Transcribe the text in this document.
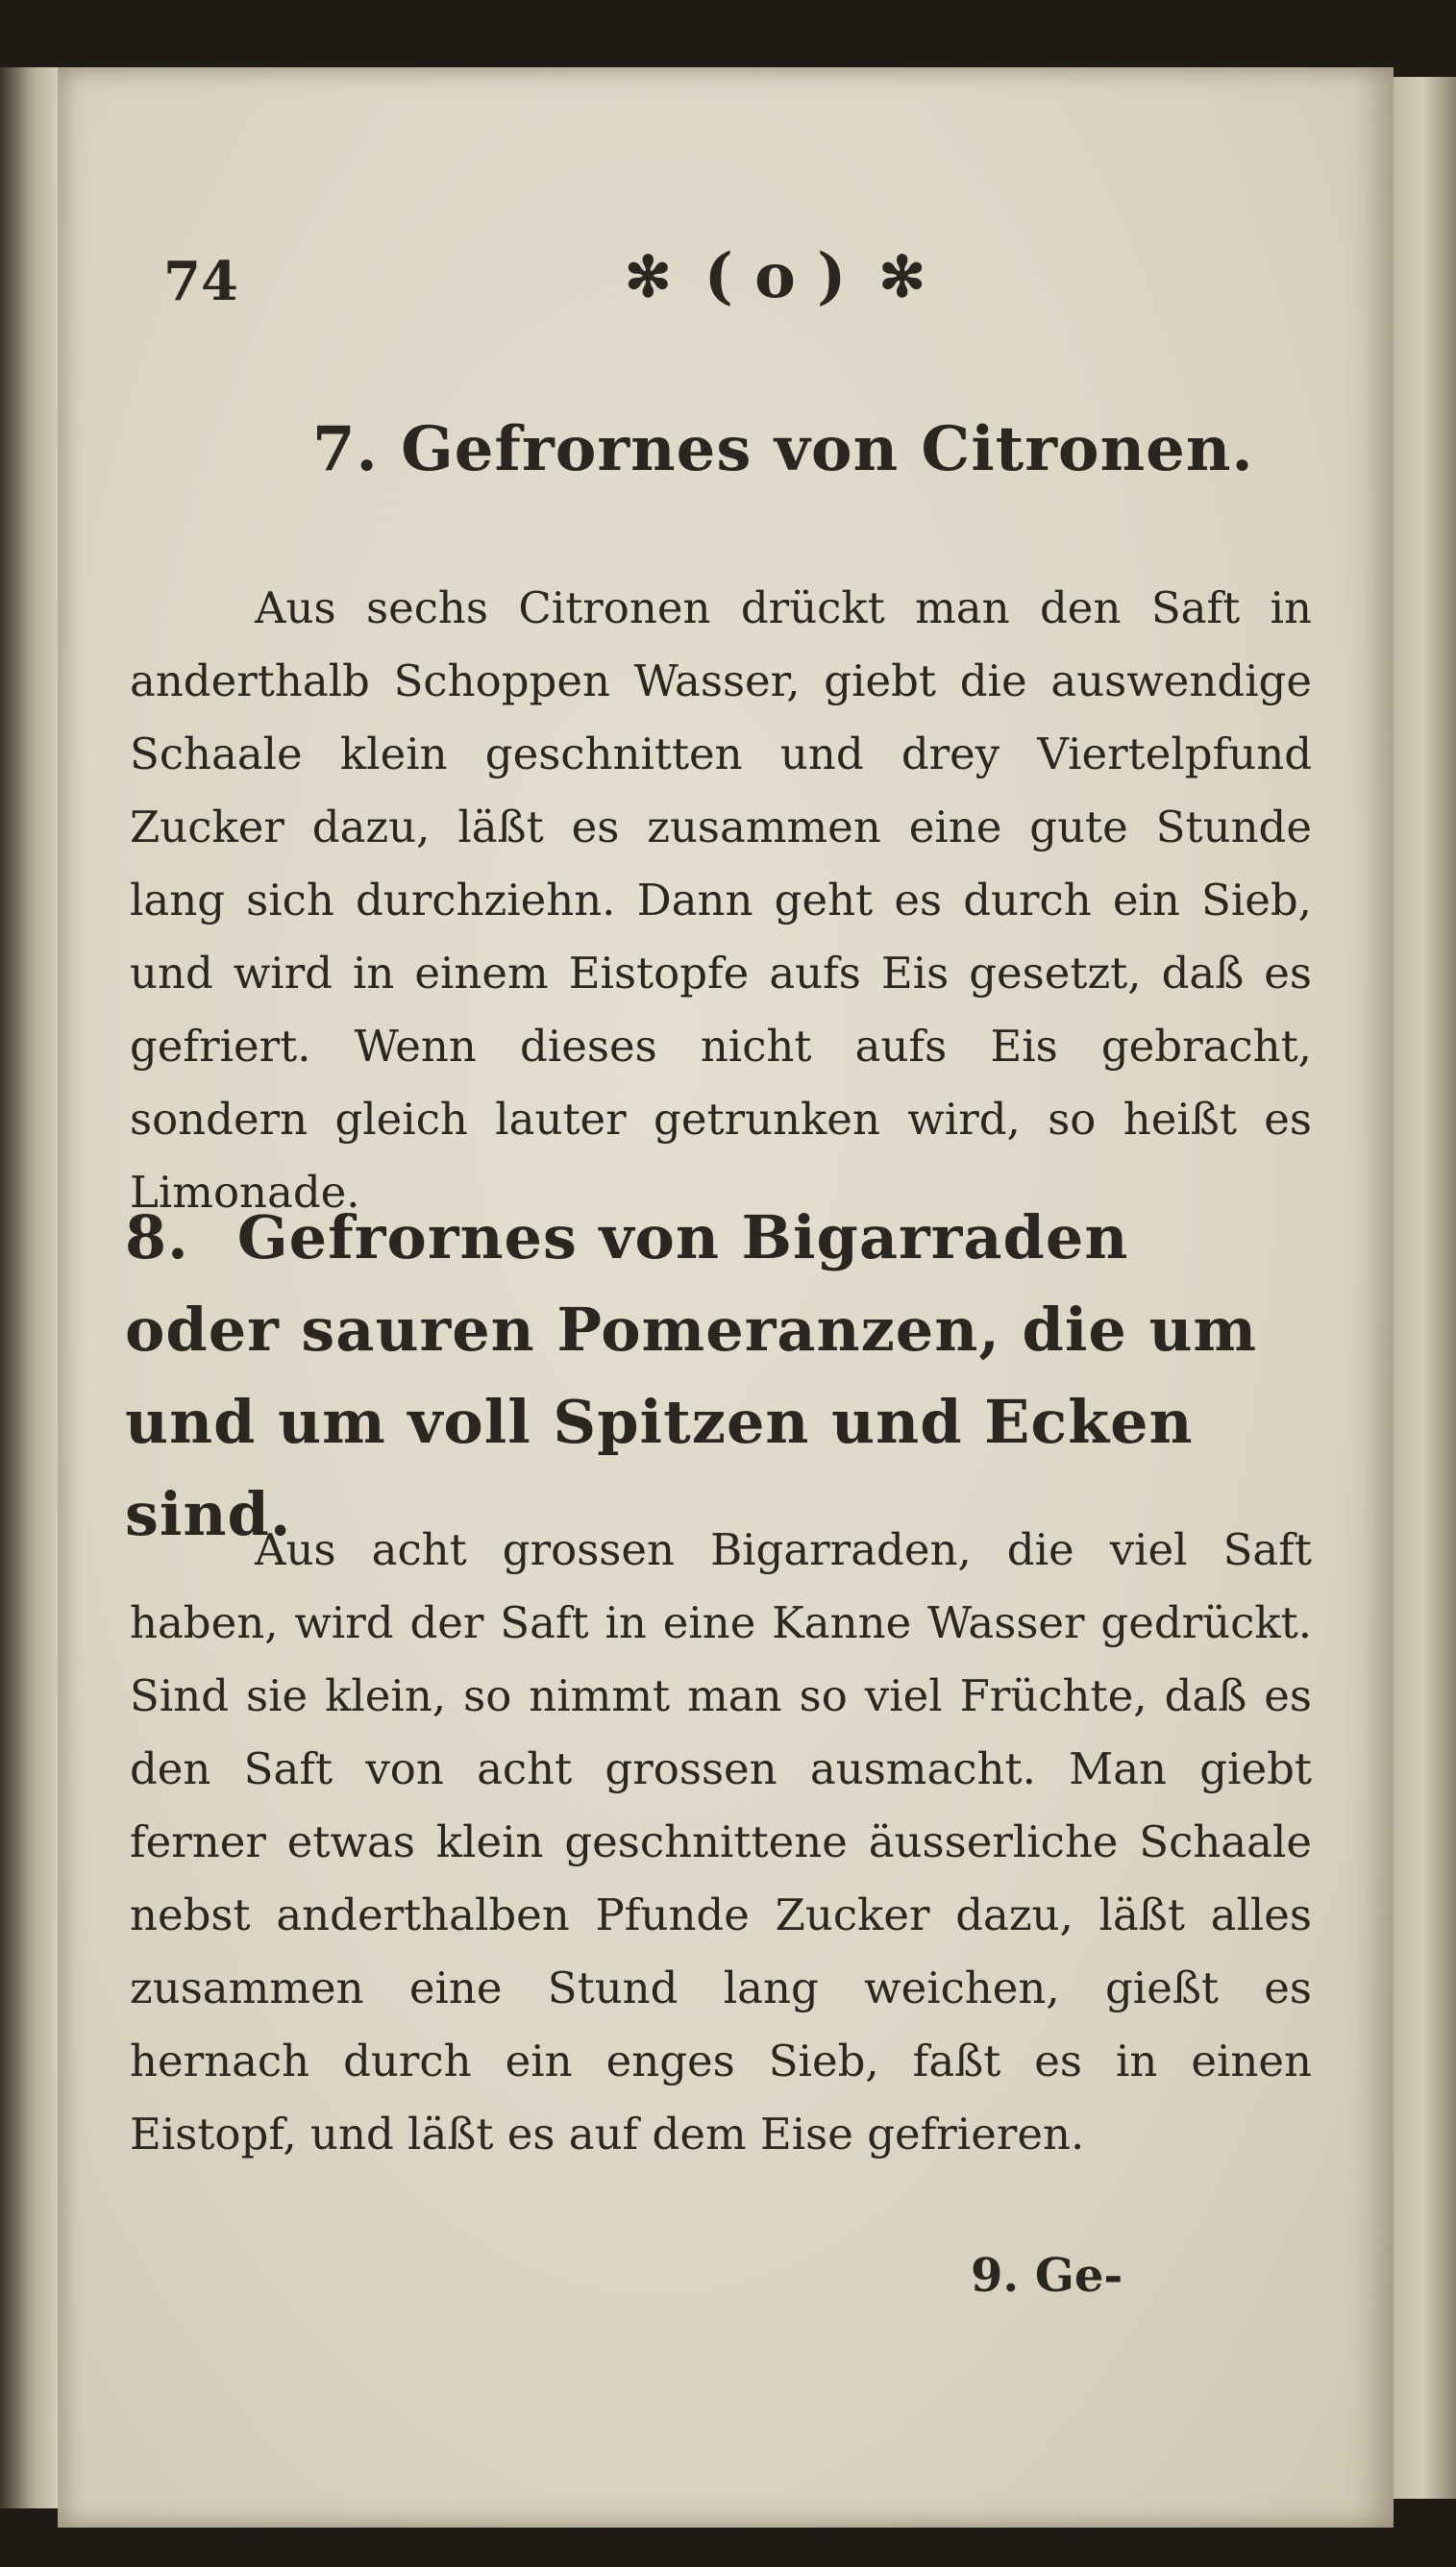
74	✻ ( o ) ✻
7. Gefrornes von Citronen.

Aus sechs Citronen drückt man den Saft in anderthalb Schoppen Wasser, giebt die auswendige Schaale klein geschnitten und drey Viertelpfund Zucker dazu, läßt es zusammen eine gute Stunde lang sich durchziehn. Dann geht es durch ein Sieb, und wird in einem Eistopfe aufs Eis gesetzt, daß es gefriert. Wenn dieses nicht aufs Eis gebracht, sondern gleich lauter getrunken wird, so heißt es Limonade.

8. Gefrornes von Bigarraden oder sauren Pomeranzen, die um und um voll Spitzen und Ecken sind.

Aus acht grossen Bigarraden, die viel Saft haben, wird der Saft in eine Kanne Wasser gedrückt. Sind sie klein, so nimmt man so viel Früchte, daß es den Saft von acht grossen ausmacht. Man giebt ferner etwas klein geschnittene äusserliche Schaale nebst anderthalben Pfunde Zucker dazu, läßt alles zusammen eine Stund lang weichen, gießt es hernach durch ein enges Sieb, faßt es in einen Eistopf, und läßt es auf dem Eise gefrieren.

9. Ge-
